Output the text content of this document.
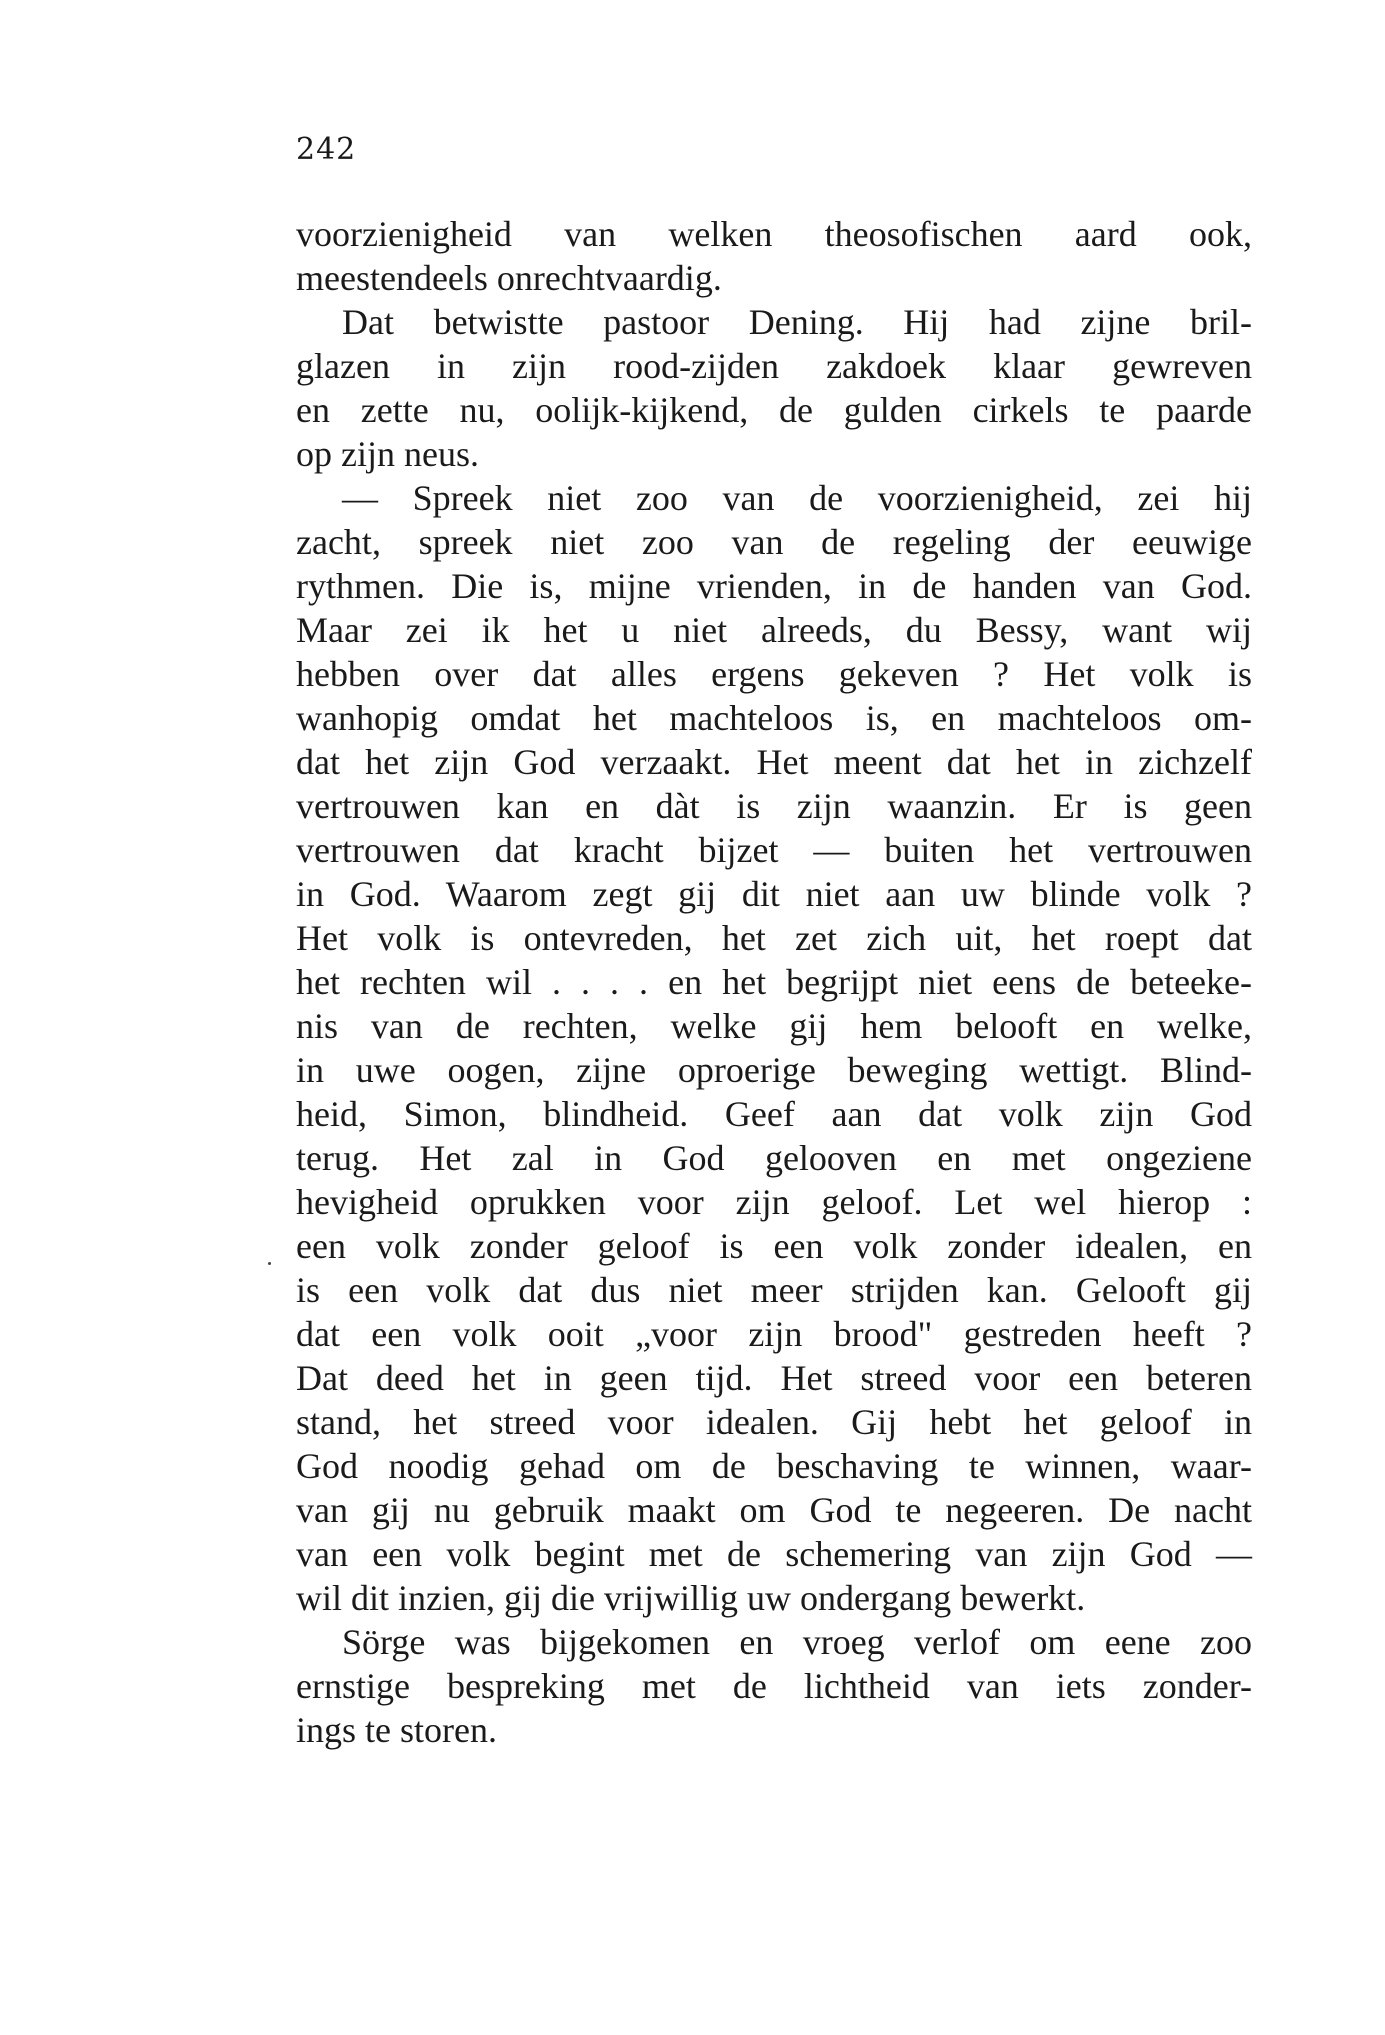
242
voorzienigheid van welken theosofischen aard ook,
meestendeels onrechtvaardig.
Dat betwistte pastoor Dening. Hij had zijne bril-
glazen in zijn rood-zijden zakdoek klaar gewreven
en zette nu, oolijk-kijkend, de gulden cirkels te paarde
op zijn neus.
— Spreek niet zoo van de voorzienigheid, zei hij
zacht, spreek niet zoo van de regeling der eeuwige
rythmen. Die is, mijne vrienden, in de handen van God.
Maar zei ik het u niet alreeds, du Bessy, want wij
hebben over dat alles ergens gekeven ? Het volk is
wanhopig omdat het machteloos is, en machteloos om-
dat het zijn God verzaakt. Het meent dat het in zichzelf
vertrouwen kan en dàt is zijn waanzin. Er is geen
vertrouwen dat kracht bijzet — buiten het vertrouwen
in God. Waarom zegt gij dit niet aan uw blinde volk ?
Het volk is ontevreden, het zet zich uit, het roept dat
het rechten wil . . . . en het begrijpt niet eens de beteeke-
nis van de rechten, welke gij hem belooft en welke,
in uwe oogen, zijne oproerige beweging wettigt. Blind-
heid, Simon, blindheid. Geef aan dat volk zijn God
terug. Het zal in God gelooven en met ongeziene
hevigheid oprukken voor zijn geloof. Let wel hierop :
een volk zonder geloof is een volk zonder idealen, en
is een volk dat dus niet meer strijden kan. Gelooft gij
dat een volk ooit „voor zijn brood" gestreden heeft ?
Dat deed het in geen tijd. Het streed voor een beteren
stand, het streed voor idealen. Gij hebt het geloof in
God noodig gehad om de beschaving te winnen, waar-
van gij nu gebruik maakt om God te negeeren. De nacht
van een volk begint met de schemering van zijn God —
wil dit inzien, gij die vrijwillig uw ondergang bewerkt.
Sörge was bijgekomen en vroeg verlof om eene zoo
ernstige bespreking met de lichtheid van iets zonder-
ings te storen.
